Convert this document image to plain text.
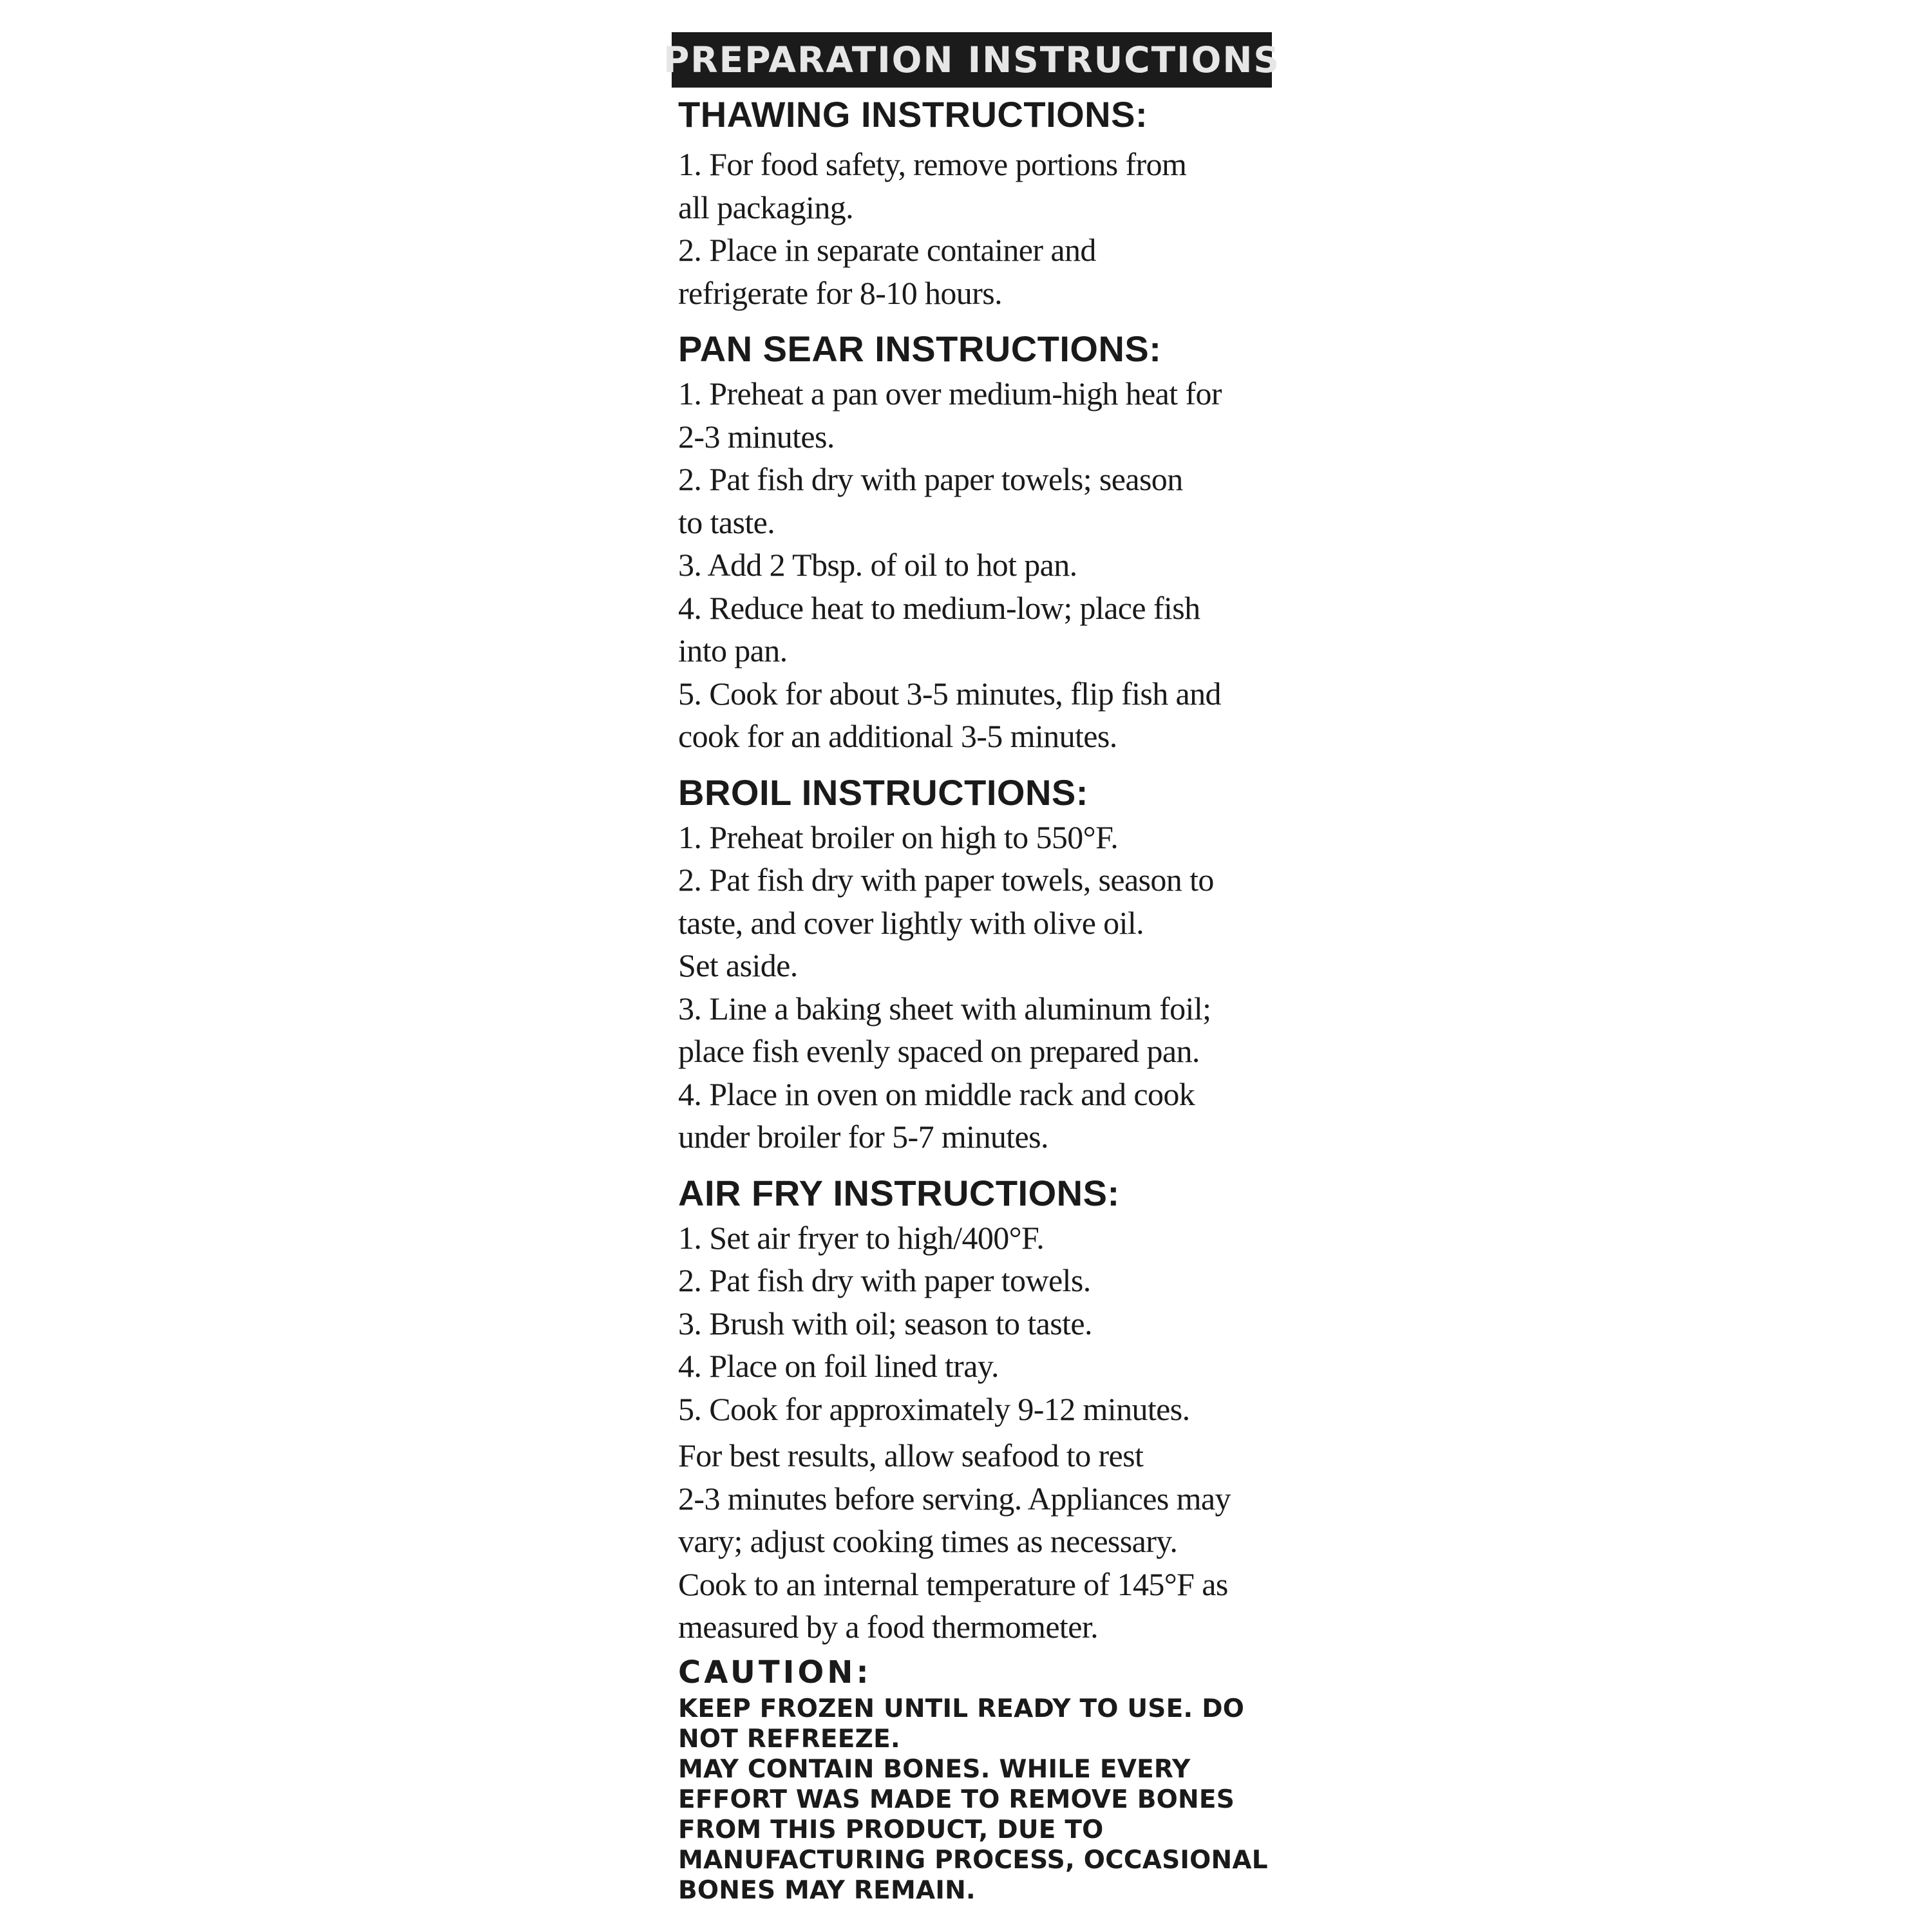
PREPARATION INSTRUCTIONS
THAWING INSTRUCTIONS:
1. For food safety, remove portions from
all packaging.
2. Place in separate container and
refrigerate for 8-10 hours.
PAN SEAR INSTRUCTIONS:
1. Preheat a pan over medium-high heat for
2-3 minutes.
2. Pat fish dry with paper towels; season
to taste.
3. Add 2 Tbsp. of oil to hot pan.
4. Reduce heat to medium-low; place fish
into pan.
5. Cook for about 3-5 minutes, flip fish and
cook for an additional 3-5 minutes.
BROIL INSTRUCTIONS:
1. Preheat broiler on high to 550°F.
2. Pat fish dry with paper towels, season to
taste, and cover lightly with olive oil.
Set aside.
3. Line a baking sheet with aluminum foil;
place fish evenly spaced on prepared pan.
4. Place in oven on middle rack and cook
under broiler for 5-7 minutes.
AIR FRY INSTRUCTIONS:
1. Set air fryer to high/400°F.
2. Pat fish dry with paper towels.
3. Brush with oil; season to taste.
4. Place on foil lined tray.
5. Cook for approximately 9-12 minutes.
For best results, allow seafood to rest
2-3 minutes before serving. Appliances may
vary; adjust cooking times as necessary.
Cook to an internal temperature of 145°F as
measured by a food thermometer.
CAUTION:
KEEP FROZEN UNTIL READY TO USE. DO
NOT REFREEZE.
MAY CONTAIN BONES. WHILE EVERY
EFFORT WAS MADE TO REMOVE BONES
FROM THIS PRODUCT, DUE TO
MANUFACTURING PROCESS, OCCASIONAL
BONES MAY REMAIN.
